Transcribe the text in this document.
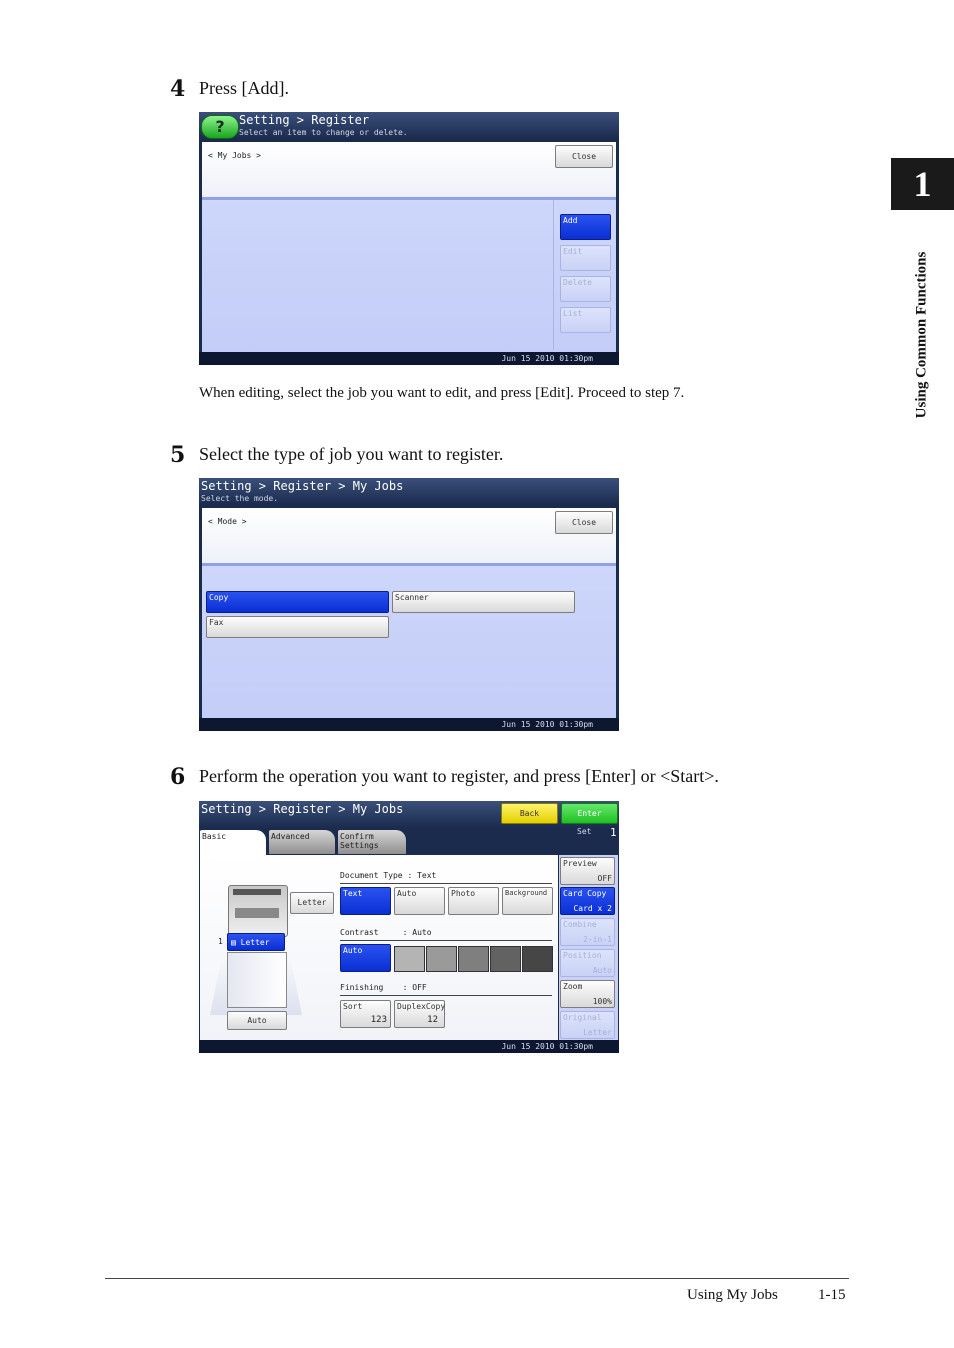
1
Using Common Functions
4 Press [Add].
?	Setting > Register
Select an item to change or delete.
< My Jobs >	Close
Add
Edit
Delete
List
Jun 15 2010 01:30pm
When editing, select the job you want to edit, and press [Edit]. Proceed to step 7.
5 Select the type of job you want to register.
Setting > Register > My Jobs
Select the mode.
< Mode >	Close
Copy	Scanner
Fax
Jun 15 2010 01:30pm
6 Perform the operation you want to register, and press [Enter] or <Start>.
Setting > Register > My Jobs	Back	Enter
Basic	Advanced	Confirm Settings
Set 1
Letter
1	▤ Letter
Auto
Document Type : Text
Text	Auto	Photo	Background
Contrast     : Auto
Auto
Finishing    : OFF
Sort
123
DuplexCopy
12
Preview
OFF
Card Copy
Card x 2
Combine
2-in-1
Position
Auto
Zoom
100%
Original
Letter
Jun 15 2010 01:30pm
Using My Jobs	1-15
